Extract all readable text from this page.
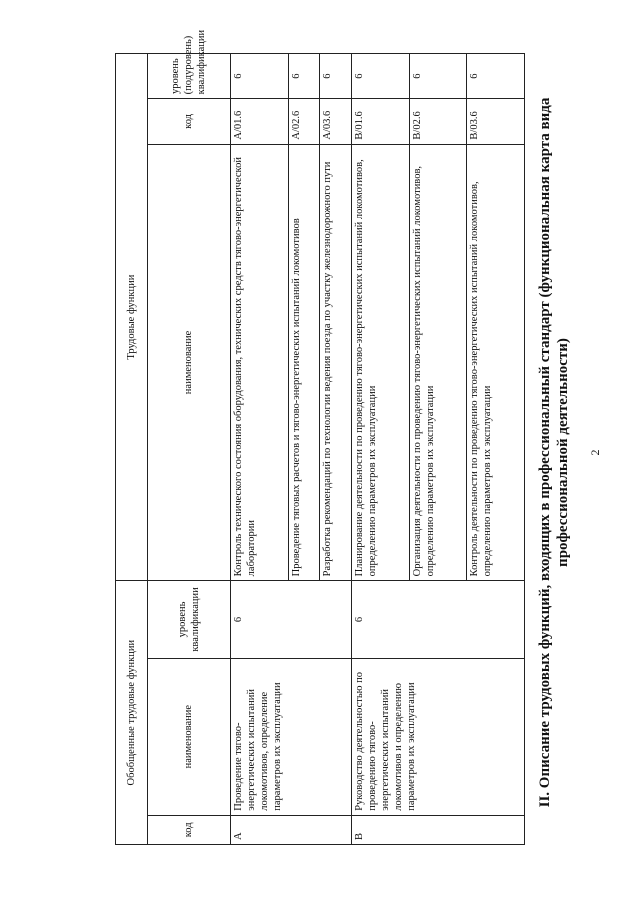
2
II. Описание трудовых функций, входящих в профессиональный стандарт (функциональная карта вида профессиональной деятельности)
Обобщенные трудовые функции			Трудовые функции		
код	наименование	уровень квалификации	наименование	код	уровень (подуровень) квалификации
A	Проведение тягово-энергетических испытаний локомотивов, определение параметров их эксплуатации	6	Контроль технического состояния оборудования, технических средств тягово-энергетической лаборатории	A/01.6	6
			Проведение тяговых расчетов и тягово-энергетических испытаний локомотивов	A/02.6	6
			Разработка рекомендаций по технологии ведения поезда по участку железнодорожного пути	A/03.6	6
B	Руководство деятельностью по проведению тягово-энергетических испытаний локомотивов и определению параметров их эксплуатации	6	Планирование деятельности по проведению тягово-энергетических испытаний локомотивов, определению параметров их эксплуатации	B/01.6	6
			Организация деятельности по проведению тягово-энергетических испытаний локомотивов, определению параметров их эксплуатации	B/02.6	6
			Контроль деятельности по проведению тягово-энергетических испытаний локомотивов, определению параметров их эксплуатации	B/03.6	6
